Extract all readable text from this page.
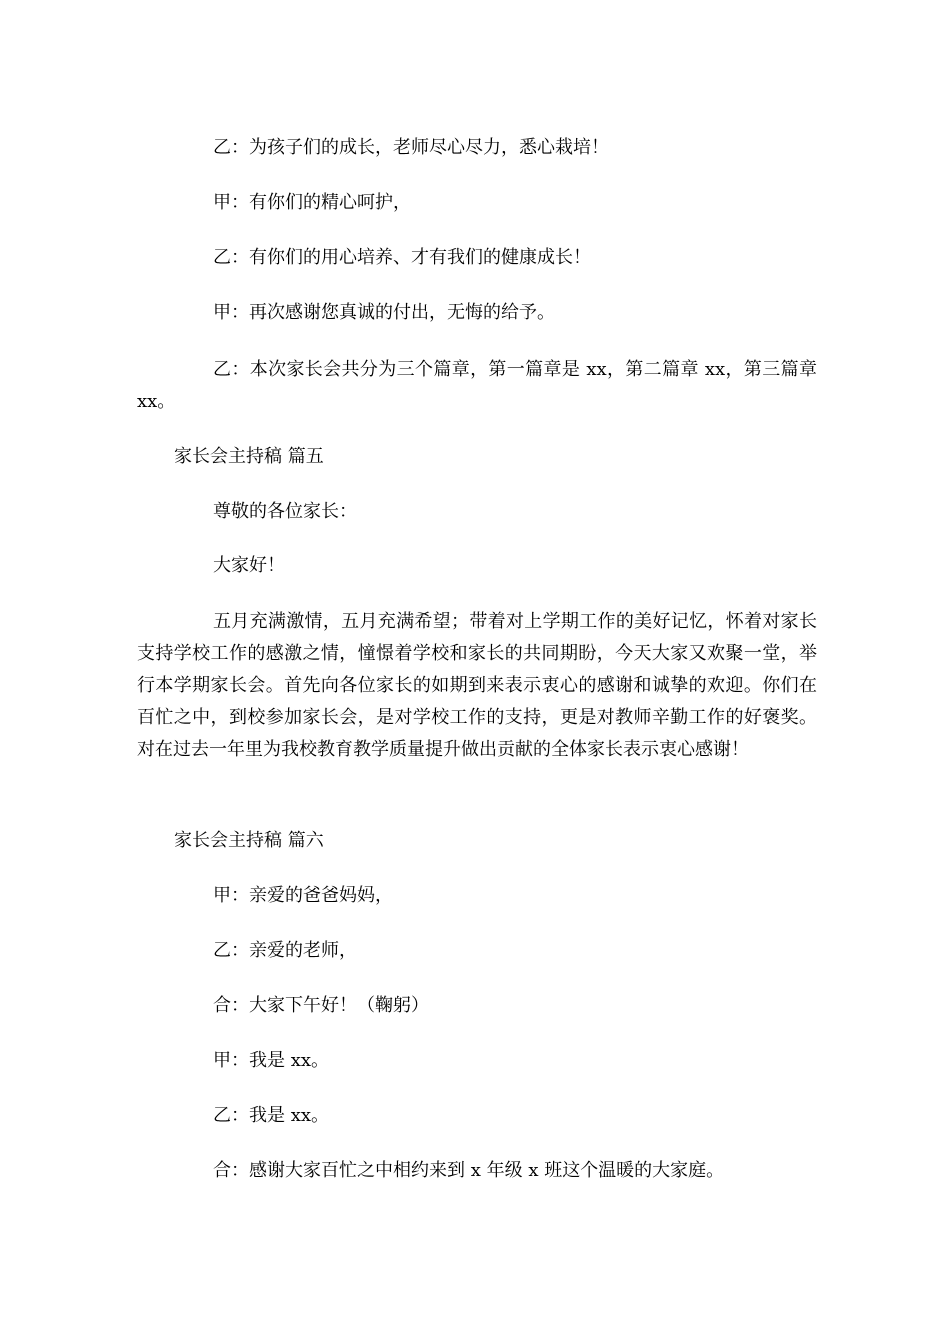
乙：为孩子们的成长，老师尽心尽力，悉心栽培！

甲：有你们的精心呵护，

乙：有你们的用心培养、才有我们的健康成长！

甲：再次感谢您真诚的付出，无悔的给予。

乙：本次家长会共分为三个篇章，第一篇章是 xx，第二篇章 xx，第三篇章 xx。

家长会主持稿 篇五

尊敬的各位家长：

大家好！

五月充满激情，五月充满希望；带着对上学期工作的美好记忆，怀着对家长支持学校工作的感激之情，憧憬着学校和家长的共同期盼，今天大家又欢聚一堂，举行本学期家长会。首先向各位家长的如期到来表示衷心的感谢和诚挚的欢迎。你们在百忙之中，到校参加家长会，是对学校工作的支持，更是对教师辛勤工作的好褒奖。对在过去一年里为我校教育教学质量提升做出贡献的全体家长表示衷心感谢！

家长会主持稿 篇六

甲：亲爱的爸爸妈妈，

乙：亲爱的老师，

合：大家下午好！（鞠躬）

甲：我是 xx。

乙：我是 xx。

合：感谢大家百忙之中相约来到 x 年级 x 班这个温暖的大家庭。
